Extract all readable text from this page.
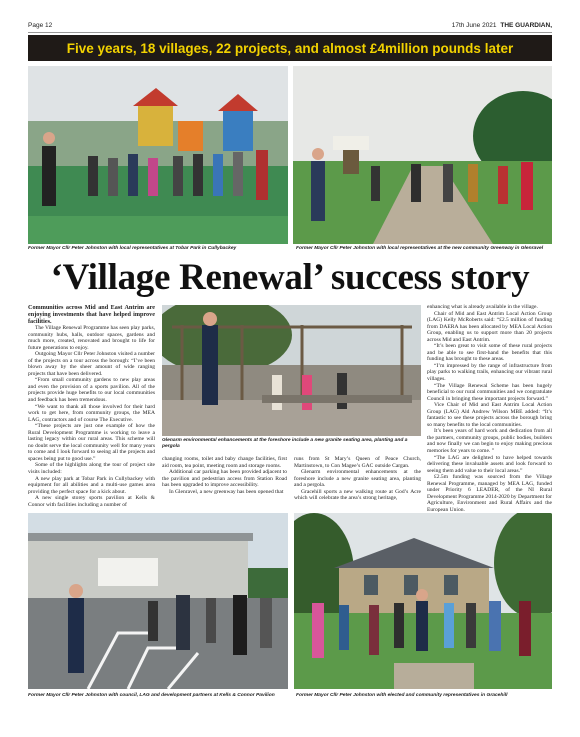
Page 12	17th June 2021 THE GUARDIAN,
Five years, 18 villages, 22 projects, and almost £4million pounds later
Former Mayor Cllr Peter Johnston with local representatives at Tobar Park in Cullybackey	Former Mayor Cllr Peter Johnston with local representatives at the new community Greenway in Glenravel
‘Village Renewal’ success story
Glenarm environmental enhancements at the foreshore include a new granite seating area, planting and a pergola

Communities across Mid and East Antrim are enjoying investments that have helped improve facilities.

The Village Renewal Programme has seen play parks, community hubs, halls, outdoor spaces, gardens and much more, created, renovated and brought to life for future generations to enjoy.

Outgoing Mayor Cllr Peter Johnston visited a number of the projects on a tour across the borough: “I’ve been blown away by the sheer amount of wide ranging projects that have been delivered.

“From small community gardens to new play areas and even the provision of a sports pavilion. All of the projects provide huge benefits to our local communities and feedback has been tremendous.

“We want to thank all those involved for their hard work to get here, from community groups, the MEA LAG, contractors and of course The Executive.

“These projects are just one example of how the Rural Development Programme is working to leave a lasting legacy within our rural areas. This scheme will no doubt serve the local community well for many years to come and I look forward to seeing all the projects and spaces being put to good use.”

Some of the highlights along the tour of project site visits included:

A new play park at Tobar Park in Cullybackey with equipment for all abilities and a multi-use games area providing the perfect space for a kick about.

A new single storey sports pavilion at Kells & Connor with facilities including a number of

changing rooms, toilet and baby change facilities, first aid room, tea point, meeting room and storage rooms.

Additional car parking has been provided adjacent to the pavilion and pedestrian access from Station Road has been upgraded to improve accessibility.

In Glenravel, a new greenway has been opened that

runs from St Mary’s Queen of Peace Church, Martinstown, to Con Magee’s GAC outside Cargan.

Glenarm environmental enhancements at the foreshore include a new granite seating area, planting and a pergola.

Gracehill sports a new walking route at God’s Acre which will celebrate the area’s strong heritage,

enhancing what is already available in the village.

Chair of Mid and East Antrim Local Action Group (LAG) Kelly McRoberts said: “£2.5 million of funding from DAERA has been allocated by MEA Local Action Group, enabling us to support more than 20 projects across Mid and East Antrim.

“It’s been great to visit some of these rural projects and be able to see first-hand the benefits that this funding has brought to these areas.

“I’m impressed by the range of infrastructure from play parks to walking trails, enhancing our vibrant rural villages.

“The Village Renewal Scheme has been hugely beneficial to our rural communities and we congratulate Council in bringing these important projects forward.”

Vice Chair of Mid and East Antrim Local Action Group (LAG) Ald Andrew Wilson MBE added: “It’s fantastic to see these projects across the borough bring so many benefits to the local communities.

It’s been years of hard work and dedication from all the partners, community groups, public bodies, builders and now finally we can begin to enjoy making precious memories for years to come. ”

“The LAG are delighted to have helped towards delivering these invaluable assets and look forward to seeing them add value to their local areas.”

£2.5m funding was sourced from the Village Renewal Programme, managed by MEA LAG, funded under Priority 6 LEADER, of the NI Rural Development Programme 2014-2020 by Department for Agriculture, Environment and Rural Affairs and the European Union.

Former Mayor Cllr Peter Johnston with council, LAG and development partners at Kells & Connor Pavilion	Former Mayor Cllr Peter Johnston with elected and community representatives in Gracehill
